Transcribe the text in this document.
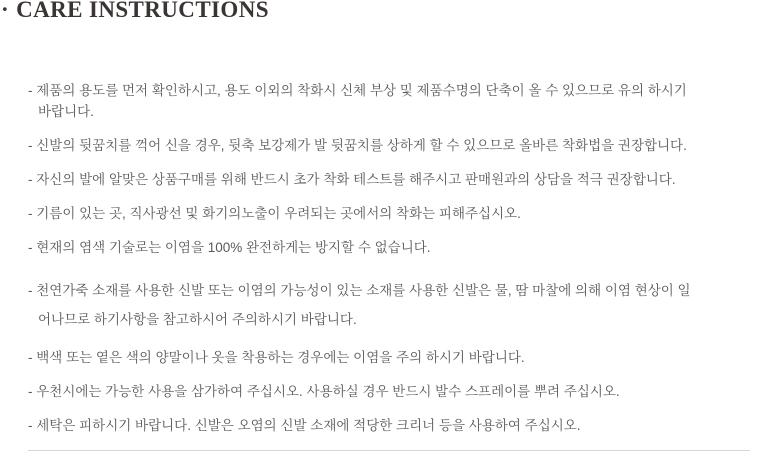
· CARE INSTRUCTIONS
- 제품의 용도를 먼저 확인하시고, 용도 이외의 착화시 신체 부상 및 제품수명의 단축이 올 수 있으므로 유의 하시기
바랍니다.
- 신발의 뒷꿈치를 꺽어 신을 경우, 뒷축 보강제가 발 뒷꿈치를 상하게 할 수 있으므로 올바른 착화법을 권장합니다.
- 자신의 발에 알맞은 상품구매를 위해 반드시 초가 착화 테스트를 해주시고 판매원과의 상담을 적극 권장합니다.
- 기름이 있는 곳, 직사광선 및 화기의노출이 우려되는 곳에서의 착화는 피해주십시오.
- 현재의 염색 기술로는 이염을 100% 완전하게는 방지할 수 없습니다.
- 천연가죽 소재를 사용한 신발 또는 이염의 가능성이 있는 소재를 사용한 신발은 물, 땀 마찰에 의해 이염 현상이 일
어나므로 하기사항을 참고하시어 주의하시기 바랍니다.
- 백색 또는 옅은 색의 양말이나 옷을 착용하는 경우에는 이염을 주의 하시기 바랍니다.
- 우천시에는 가능한 사용을 삼가하여 주십시오. 사용하실 경우 반드시 발수 스프레이를 뿌려 주십시오.
- 세탁은 피하시기 바랍니다. 신발은 오염의 신발 소재에 적당한 크리너 등을 사용하여 주십시오.
